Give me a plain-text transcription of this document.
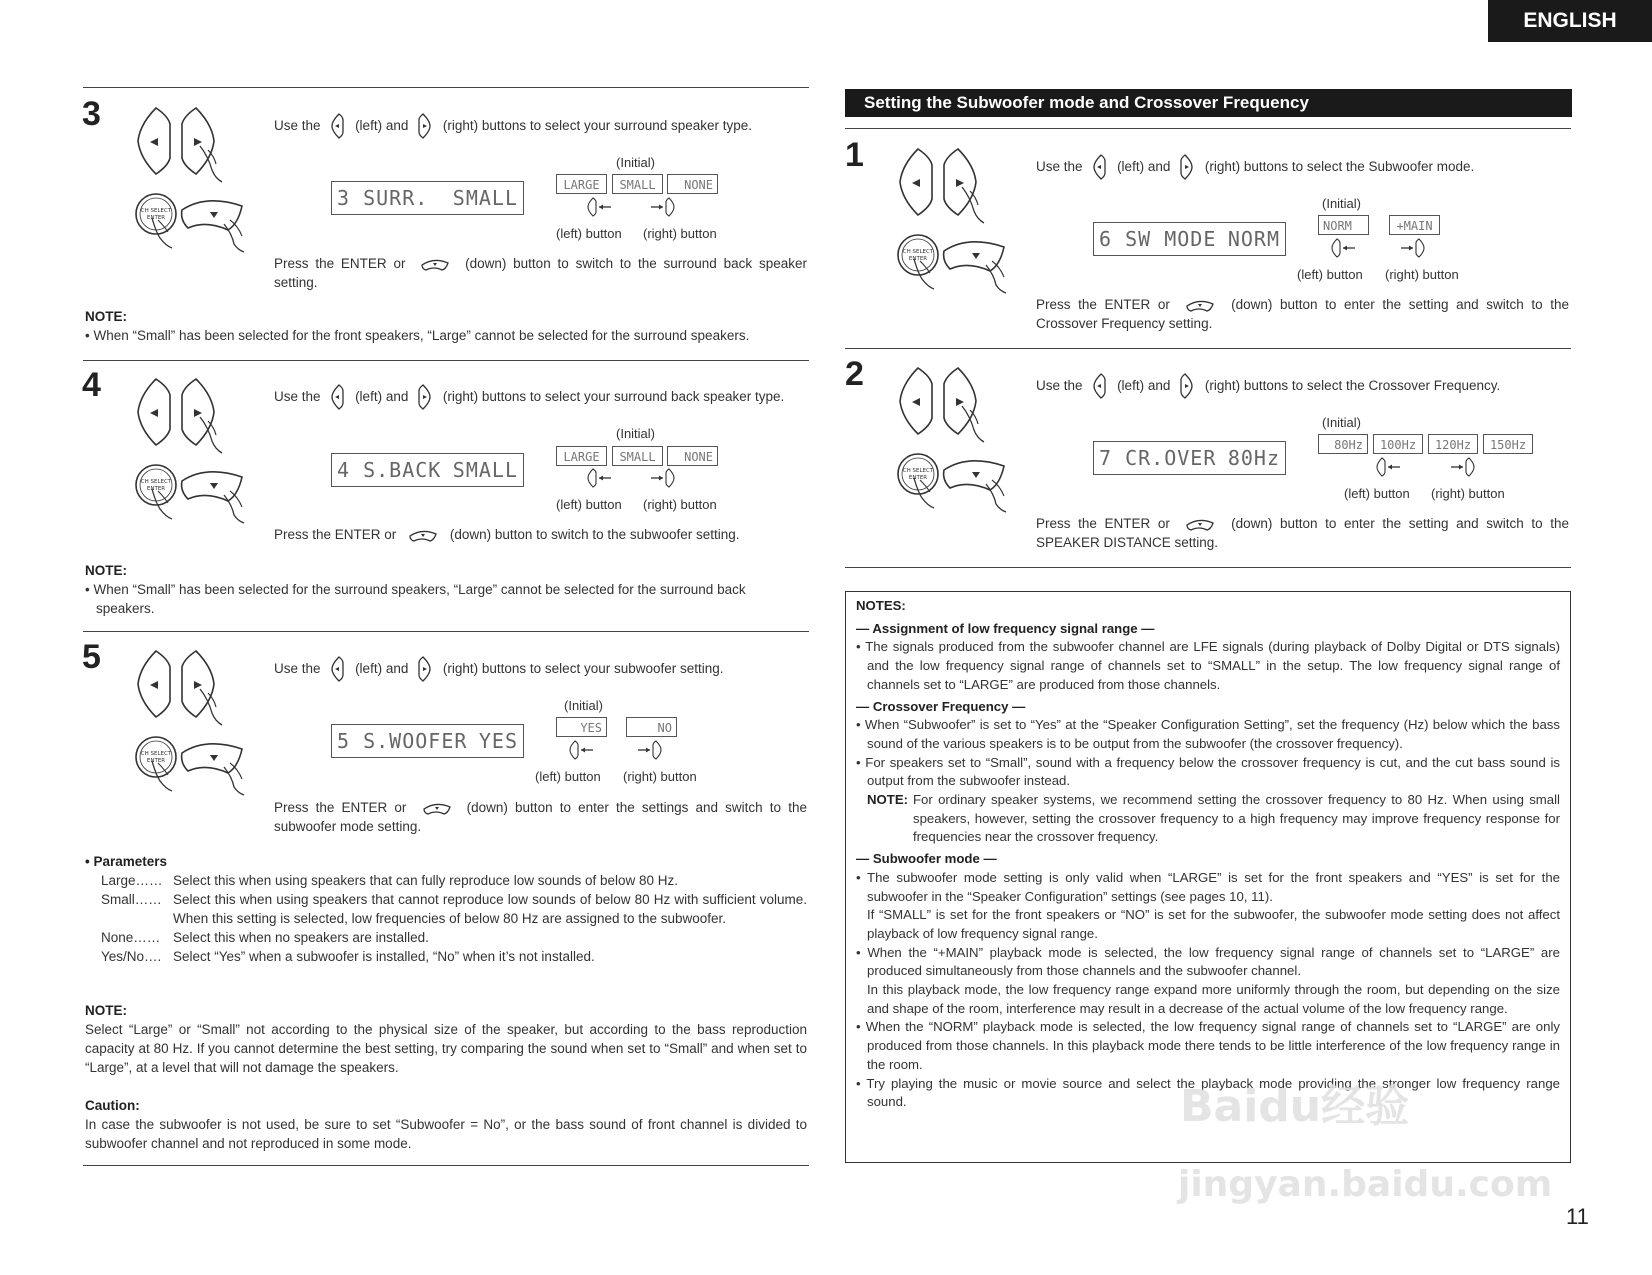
ENGLISH
3	Use the	(left) and	(right) buttons to select your surround speaker type.
(Initial)
3 SURR. SMALL
LARGE	SMALL	NONE
(left) button (right) button
Press the ENTER or	(down) button to switch to the surround back speaker setting.
NOTE:
• When “Small” has been selected for the front speakers, “Large” cannot be selected for the surround speakers.
4	Use the	(left) and	(right) buttons to select your surround back speaker type.
(Initial)
4 S.BACK SMALL
LARGE	SMALL	NONE
(left) button (right) button
Press the ENTER or	(down) button to switch to the subwoofer setting.
NOTE:
• When “Small” has been selected for the surround speakers, “Large” cannot be selected for the surround back speakers.
5	Use the	(left) and	(right) buttons to select your subwoofer setting.
(Initial)
5 S.WOOFER YES
YES	NO
(left) button (right) button
Press the ENTER or	(down) button to enter the settings and switch to the subwoofer mode setting.
• Parameters
Large…… Select this when using speakers that can fully reproduce low sounds of below 80 Hz.
Small…… Select this when using speakers that cannot reproduce low sounds of below 80 Hz with sufficient volume. When this setting is selected, low frequencies of below 80 Hz are assigned to the subwoofer.
None…… Select this when no speakers are installed.
Yes/No…. Select “Yes” when a subwoofer is installed, “No” when it’s not installed.
NOTE:
Select “Large” or “Small” not according to the physical size of the speaker, but according to the bass reproduction capacity at 80 Hz. If you cannot determine the best setting, try comparing the sound when set to “Small” and when set to “Large”, at a level that will not damage the speakers.
Caution:
In case the subwoofer is not used, be sure to set “Subwoofer = No”, or the bass sound of front channel is divided to subwoofer channel and not reproduced in some mode.
Setting the Subwoofer mode and Crossover Frequency
1	Use the	(left) and	(right) buttons to select the Subwoofer mode.
(Initial)
6 SW MODE NORM
NORM	+MAIN
(left) button (right) button
Press the ENTER or	(down) button to enter the setting and switch to the Crossover Frequency setting.
2	Use the	(left) and	(right) buttons to select the Crossover Frequency.
(Initial)
7 CR.OVER 80Hz
80Hz	100Hz	120Hz	150Hz
(left) button (right) button
Press the ENTER or	(down) button to enter the setting and switch to the SPEAKER DISTANCE setting.
NOTES:
— Assignment of low frequency signal range —
• The signals produced from the subwoofer channel are LFE signals (during playback of Dolby Digital or DTS signals) and the low frequency signal range of channels set to “SMALL” in the setup. The low frequency signal range of channels set to “LARGE” are produced from those channels.
— Crossover Frequency —
• When “Subwoofer” is set to “Yes” at the “Speaker Configuration Setting”, set the frequency (Hz) below which the bass sound of the various speakers is to be output from the subwoofer (the crossover frequency).
• For speakers set to “Small”, sound with a frequency below the crossover frequency is cut, and the cut bass sound is output from the subwoofer instead.
NOTE: For ordinary speaker systems, we recommend setting the crossover frequency to 80 Hz. When using small speakers, however, setting the crossover frequency to a high frequency may improve frequency response for frequencies near the crossover frequency.
— Subwoofer mode —
• The subwoofer mode setting is only valid when “LARGE” is set for the front speakers and “YES” is set for the subwoofer in the “Speaker Configuration” settings (see pages 10, 11).
If “SMALL” is set for the front speakers or “NO” is set for the subwoofer, the subwoofer mode setting does not affect playback of low frequency signal range.
• When the “+MAIN” playback mode is selected, the low frequency signal range of channels set to “LARGE” are produced simultaneously from those channels and the subwoofer channel.
In this playback mode, the low frequency range expand more uniformly through the room, but depending on the size and shape of the room, interference may result in a decrease of the actual volume of the low frequency range.
• When the “NORM” playback mode is selected, the low frequency signal range of channels set to “LARGE” are only produced from those channels. In this playback mode there tends to be little interference of the low frequency range in the room.
• Try playing the music or movie source and select the playback mode providing the stronger low frequency range sound.	Baidu经验
jingyan.baidu.com
11
